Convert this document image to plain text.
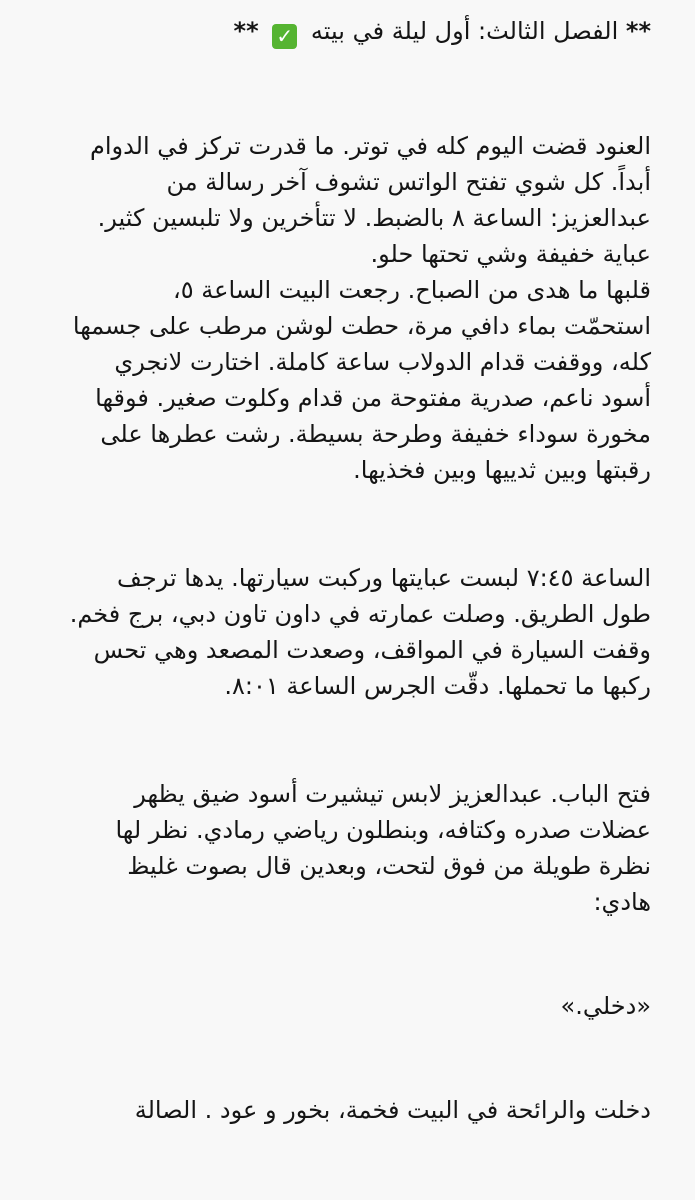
** الفصل الثالث: أول ليلة في بيته ✓ **

العنود قضت اليوم كله في توتر. ما قدرت تركز في الدوام
أبداً. كل شوي تفتح الواتس تشوف آخر رسالة من
عبدالعزيز: الساعة ٨ بالضبط. لا تتأخرين ولا تلبسين كثير.
عباية خفيفة وشي تحتها حلو.

قلبها ما هدى من الصباح. رجعت البيت الساعة ٥،
استحمّت بماء دافي مرة، حطت لوشن مرطب على جسمها
كله، ووقفت قدام الدولاب ساعة كاملة. اختارت لانجري
أسود ناعم، صدرية مفتوحة من قدام وكلوت صغير. فوقها
مخورة سوداء خفيفة وطرحة بسيطة. رشت عطرها على
رقبتها وبين ثدييها وبين فخذيها.

الساعة ٧:٤٥ لبست عبايتها وركبت سيارتها. يدها ترجف
طول الطريق. وصلت عمارته في داون تاون دبي، برج فخم.
وقفت السيارة في المواقف، وصعدت المصعد وهي تحس
ركبها ما تحملها. دقّت الجرس الساعة ٨:٠١.

فتح الباب. عبدالعزيز لابس تيشيرت أسود ضيق يظهر
عضلات صدره وكتافه، وبنطلون رياضي رمادي. نظر لها
نظرة طويلة من فوق لتحت، وبعدين قال بصوت غليظ
هادي:

«دخلي.»

دخلت والرائحة في البيت فخمة، بخور و عود . الصالة
